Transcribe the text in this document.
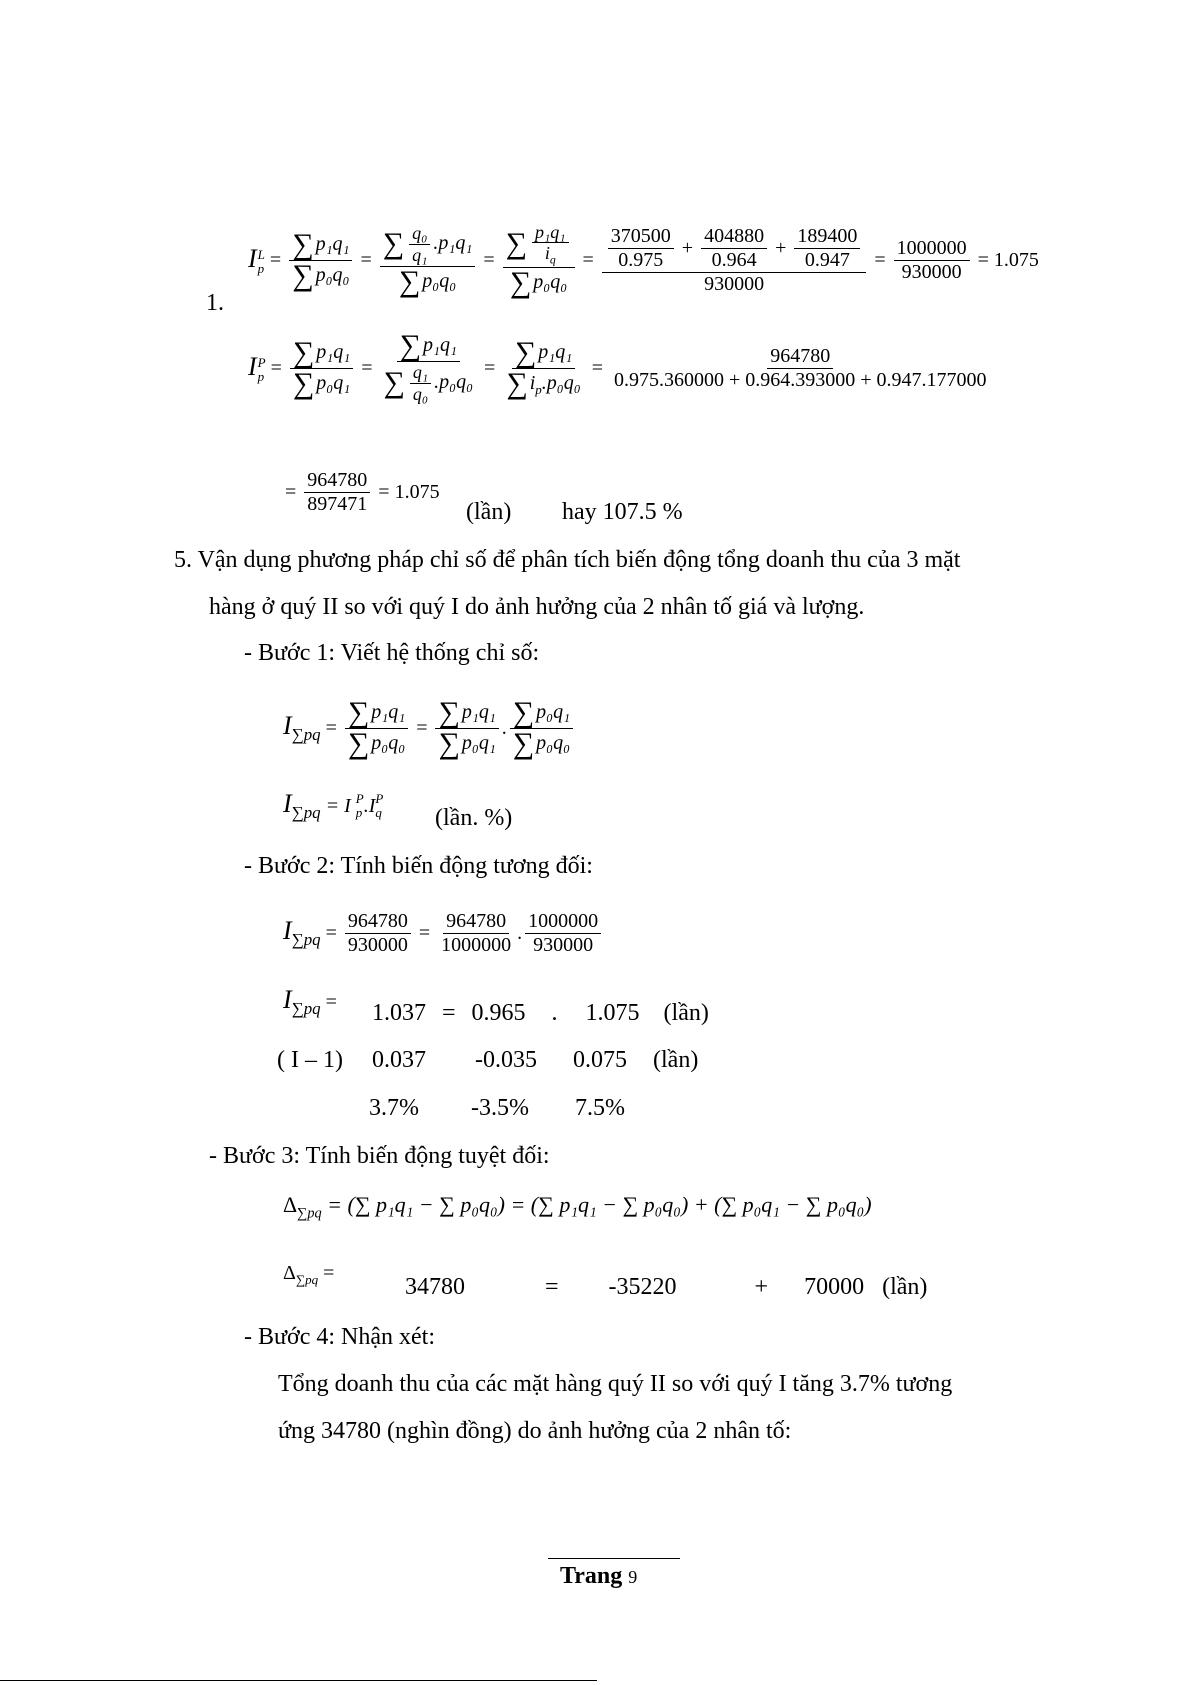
1.
I L
$p = \frac{\text{∑ p₁q₁}}{\text{∑ p₀q₀}} = \frac{\sum \frac{\text{q₀}}{\text{q₁}} .p_1q_1}{\text{∑ p₀q₀}} = \frac{\sum \frac{\text{p₁q₁}}{i_q}}{\text{∑ p₀q₀}} = \frac{370500}{0.975} + \frac{404880}{0.964} + \frac{189400}{0.947}$
930000
= $\frac{1000000}{930000} = 1.075$
I P
$p = \frac{\text{∑ p₁q₁}}{\text{∑ p₀q₁}} = \frac{\text{∑ p₁q₁}}{\sum \frac{\text{q₁}}{\text{q₀}} .p_0q_0} = \frac{\text{∑ p₁q₁}}{\sum i_p.p_0q_0} = \frac{964780}{0.975.360000 + 0.964.393000 + 0.947.177000}$
= $\frac{964780}{897471} = 1.075$
(lần) hay 107.5 %
5. Vận dụng phương pháp chỉ số để phân tích biến động tổng doanh thu của 3 mặt
hàng ở quý II so với quý I do ảnh hưởng của 2 nhân tố giá và lượng.
- Bước 1: Viết hệ thống chỉ số:
$I_{\sum pq} = \frac{\text{∑ p₁q₁}}{\text{∑ p₀q₀}} = \frac{\text{∑ p₁q₁}}{\text{∑ p₀q₁}}$ . $\frac{\text{∑ p₀q₁}}{\text{∑ p₀q₀}}$
$I_{\sum pq} = I$ P
p .I P
q (lần. %)
- Bước 2: Tính biến động tương đối:
$I_{\sum pq} = \frac{964780}{930000} = \frac{964780}{1000000}$ . $\frac{1000000}{930000}$
$I_{\sum pq} = 1.037 = 0.965$ . 1.075 (lần)
( I – 1) 0.037 -0.035 0.075 (lần)
3.7% -3.5% 7.5%
- Bước 3: Tính biến động tuyệt đối:
$\Delta_{\sum pq}$ = (∑ p₁q₁ − ∑ p₀q₀) = (∑ p₁q₁ − ∑ p₀q₀) + (∑ p₀q₁ − ∑ p₀q₀)
$\Delta_{\sum pq}$ =
34780	= -35220	+ 70000 (lần)
- Bước 4: Nhận xét:
Tổng doanh thu của các mặt hàng quý II so với quý I tăng 3.7% tương
ứng 34780 (nghìn đồng) do ảnh hưởng của 2 nhân tố:
Trang 9
